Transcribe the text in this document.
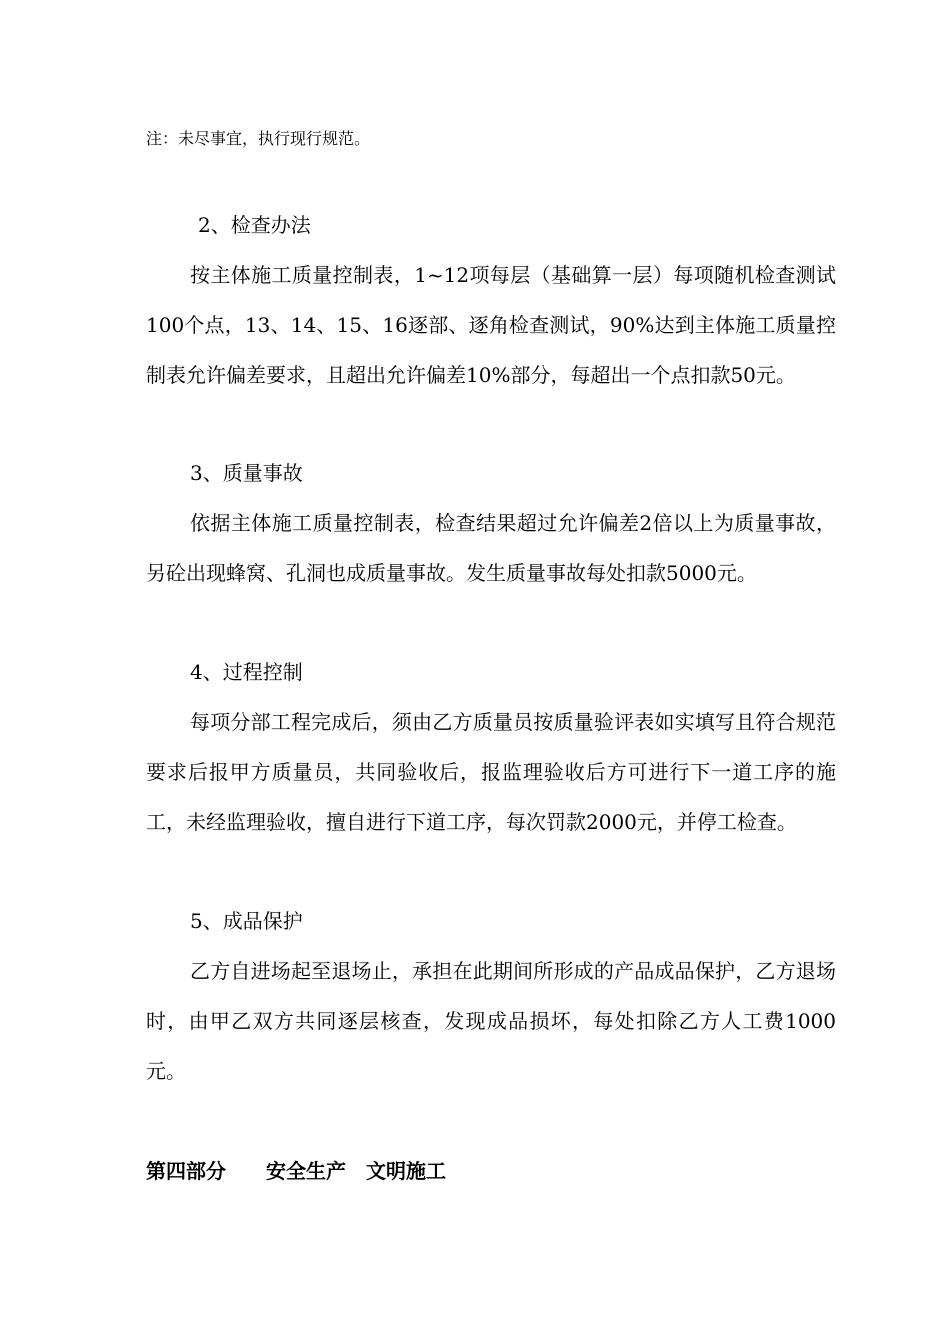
注：未尽事宜，执行现行规范。
2、检查办法
按主体施工质量控制表，1~12项每层（基础算一层）每项随机检查测试100个点，13、14、15、16逐部、逐角检查测试，90%达到主体施工质量控制表允许偏差要求，且超出允许偏差10%部分，每超出一个点扣款50元。
3、质量事故
依据主体施工质量控制表，检查结果超过允许偏差2倍以上为质量事故，另砼出现蜂窝、孔洞也成质量事故。发生质量事故每处扣款5000元。
4、过程控制
每项分部工程完成后，须由乙方质量员按质量验评表如实填写且符合规范要求后报甲方质量员，共同验收后，报监理验收后方可进行下一道工序的施工，未经监理验收，擅自进行下道工序，每次罚款2000元，并停工检查。
5、成品保护
乙方自进场起至退场止，承担在此期间所形成的产品成品保护，乙方退场时，由甲乙双方共同逐层核查，发现成品损坏，每处扣除乙方人工费1000元。
第四部分　　安全生产　文明施工
